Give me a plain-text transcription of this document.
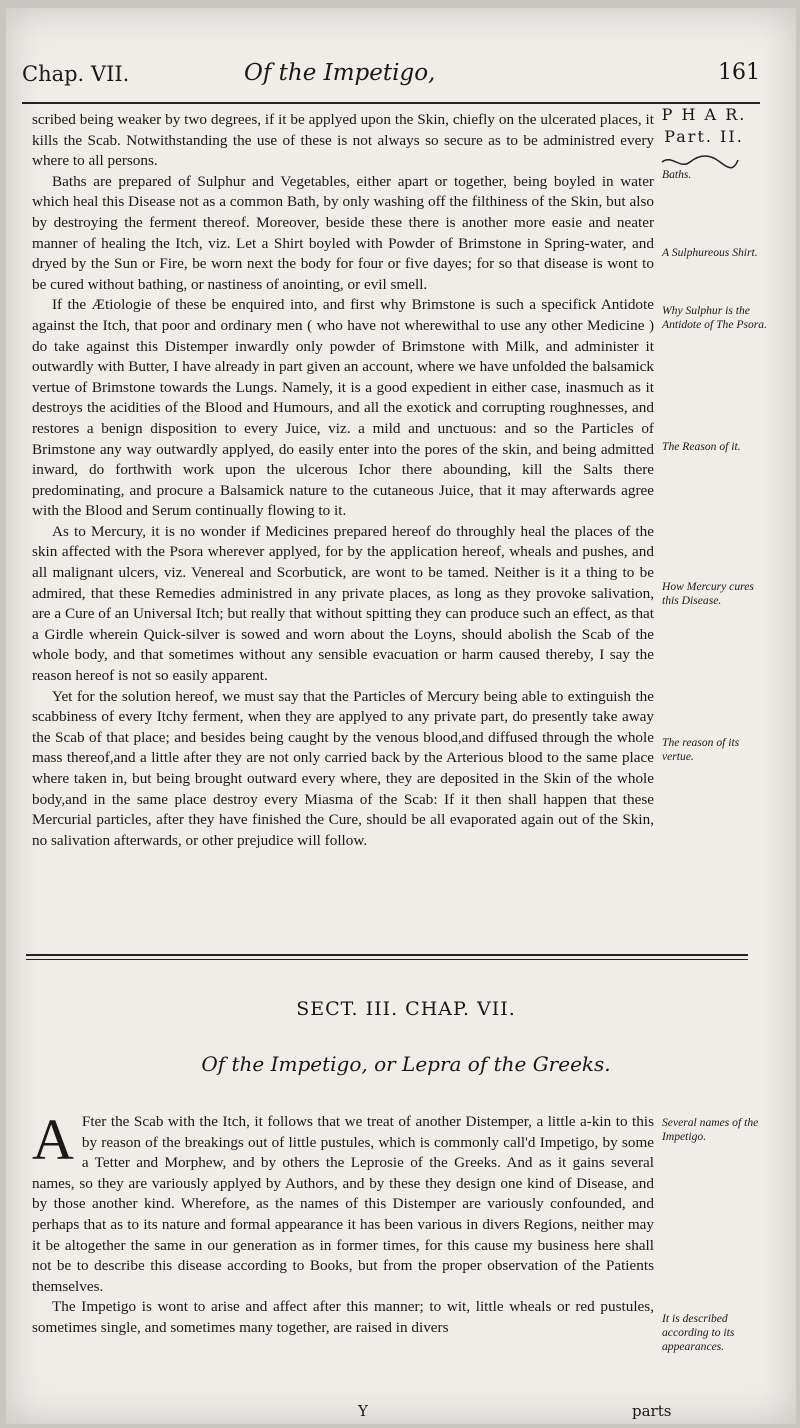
Chap. VII.	Of the Impetigo,	161
P H A R.
Part. II.

scribed being weaker by two degrees, if it be applyed upon the Skin, chiefly on the ulcerated places, it kills the Scab. Notwithstanding the use of these is not always so secure as to be administred every where to all persons.

Baths are prepared of Sulphur and Vegetables, either apart or together, being boyled in water which heal this Disease not as a common Bath, by only washing off the filthiness of the Skin, but also by destroying the ferment thereof. Moreover, beside these there is another more easie and neater manner of healing the Itch, viz. Let a Shirt boyled with Powder of Brimstone in Spring-water, and dryed by the Sun or Fire, be worn next the body for four or five dayes; for so that disease is wont to be cured without bathing, or nastiness of anointing, or evil smell.

If the Ætiologie of these be enquired into, and first why Brimstone is such a specifick Antidote against the Itch, that poor and ordinary men ( who have not wherewithal to use any other Medicine ) do take against this Distemper inwardly only powder of Brimstone with Milk, and administer it outwardly with Butter, I have already in part given an account, where we have unfolded the balsamick vertue of Brimstone towards the Lungs. Namely, it is a good expedient in either case, inasmuch as it destroys the acidities of the Blood and Humours, and all the exotick and corrupting roughnesses, and restores a benign disposition to every Juice, viz. a mild and unctuous: and so the Particles of Brimstone any way outwardly applyed, do easily enter into the pores of the skin, and being admitted inward, do forthwith work upon the ulcerous Ichor there abounding, kill the Salts there predominating, and procure a Balsamick nature to the cutaneous Juice, that it may afterwards agree with the Blood and Serum continually flowing to it.

As to Mercury, it is no wonder if Medicines prepared hereof do throughly heal the places of the skin affected with the Psora wherever applyed, for by the application hereof, wheals and pushes, and all malignant ulcers, viz. Venereal and Scorbutick, are wont to be tamed. Neither is it a thing to be admired, that these Remedies administred in any private places, as long as they provoke salivation, are a Cure of an Universal Itch; but really that without spitting they can produce such an effect, as that a Girdle wherein Quick-silver is sowed and worn about the Loyns, should abolish the Scab of the whole body, and that sometimes without any sensible evacuation or harm caused thereby, I say the reason hereof is not so easily apparent.

Yet for the solution hereof, we must say that the Particles of Mercury being able to extinguish the scabbiness of every Itchy ferment, when they are applyed to any private part, do presently take away the Scab of that place; and besides being caught by the venous blood,and diffused through the whole mass thereof,and a little after they are not only carried back by the Arterious blood to the same place where taken in, but being brought outward every where, they are deposited in the Skin of the whole body,and in the same place destroy every Miasma of the Scab: If it then shall happen that these Mercurial particles, after they have finished the Cure, should be all evaporated again out of the Skin, no salivation afterwards, or other prejudice will follow.

Baths.
A Sulphureous Shirt.
Why Sulphur is the Antidote of The Psora.
The Reason of it.
How Mercury cures this Disease.
The reason of its vertue.
SECT. III. CHAP. VII.
Of the Impetigo, or Lepra of the Greeks.

A Fter the Scab with the Itch, it follows that we treat of another Distemper, a little a-kin to this by reason of the breakings out of little pustules, which is commonly call'd Impetigo, by some a Tetter and Morphew, and by others the Leprosie of the Greeks. And as it gains several names, so they are variously applyed by Authors, and by these they design one kind of Disease, and by those another kind. Wherefore, as the names of this Distemper are variously confounded, and perhaps that as to its nature and formal appearance it has been various in divers Regions, neither may it be altogether the same in our generation as in former times, for this cause my business here shall not be to describe this disease according to Books, but from the proper observation of the Patients themselves.

The Impetigo is wont to arise and affect after this manner; to wit, little wheals or red pustules, sometimes single, and sometimes many together, are raised in divers

Several names of the Impetigo.
It is described according to its appearances.
Y	parts
